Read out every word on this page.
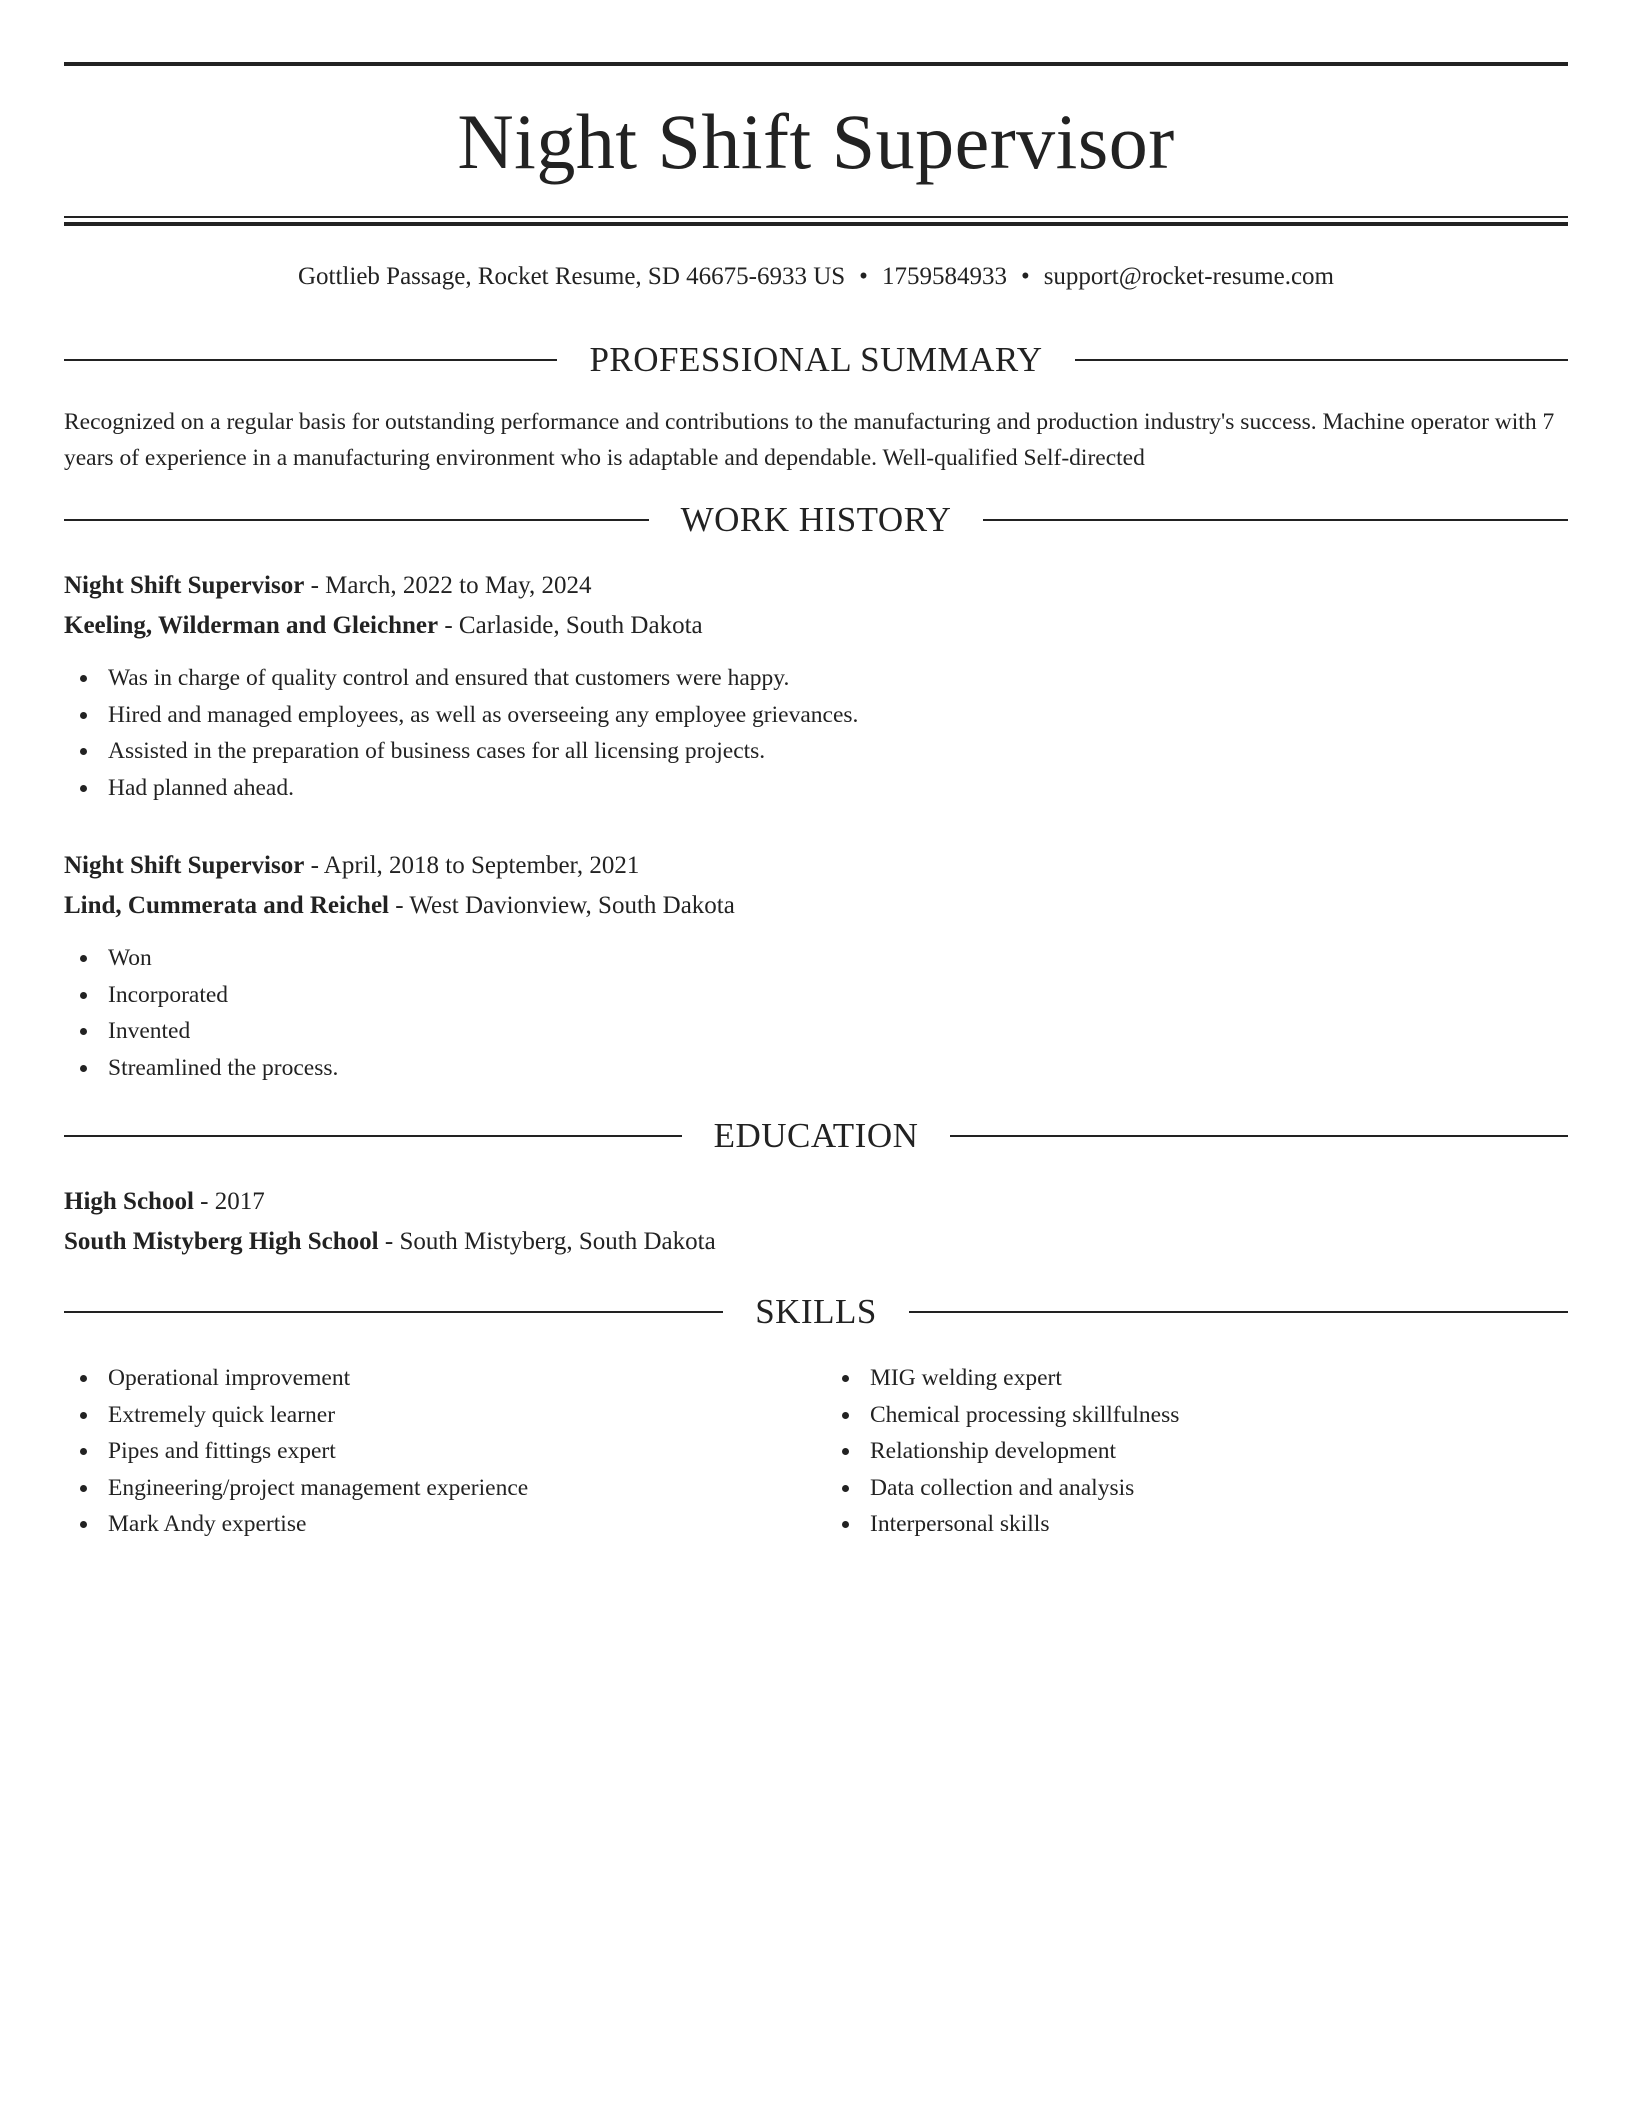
Night Shift Supervisor
Gottlieb Passage, Rocket Resume, SD 46675-6933 US • 1759584933 • support@rocket-resume.com
PROFESSIONAL SUMMARY

Recognized on a regular basis for outstanding performance and contributions to the manufacturing and production industry's success. Machine operator with 7 years of experience in a manufacturing environment who is adaptable and dependable. Well-qualified Self-directed

WORK HISTORY
Night Shift Supervisor - March, 2022 to May, 2024
Keeling, Wilderman and Gleichner - Carlaside, South Dakota
Was in charge of quality control and ensured that customers were happy.
Hired and managed employees, as well as overseeing any employee grievances.
Assisted in the preparation of business cases for all licensing projects.
Had planned ahead.
Night Shift Supervisor - April, 2018 to September, 2021
Lind, Cummerata and Reichel - West Davionview, South Dakota
Won
Incorporated
Invented
Streamlined the process.
EDUCATION
High School - 2017
South Mistyberg High School - South Mistyberg, South Dakota
SKILLS
Operational improvement
Extremely quick learner
Pipes and fittings expert
Engineering/project management experience
Mark Andy expertise
MIG welding expert
Chemical processing skillfulness
Relationship development
Data collection and analysis
Interpersonal skills
